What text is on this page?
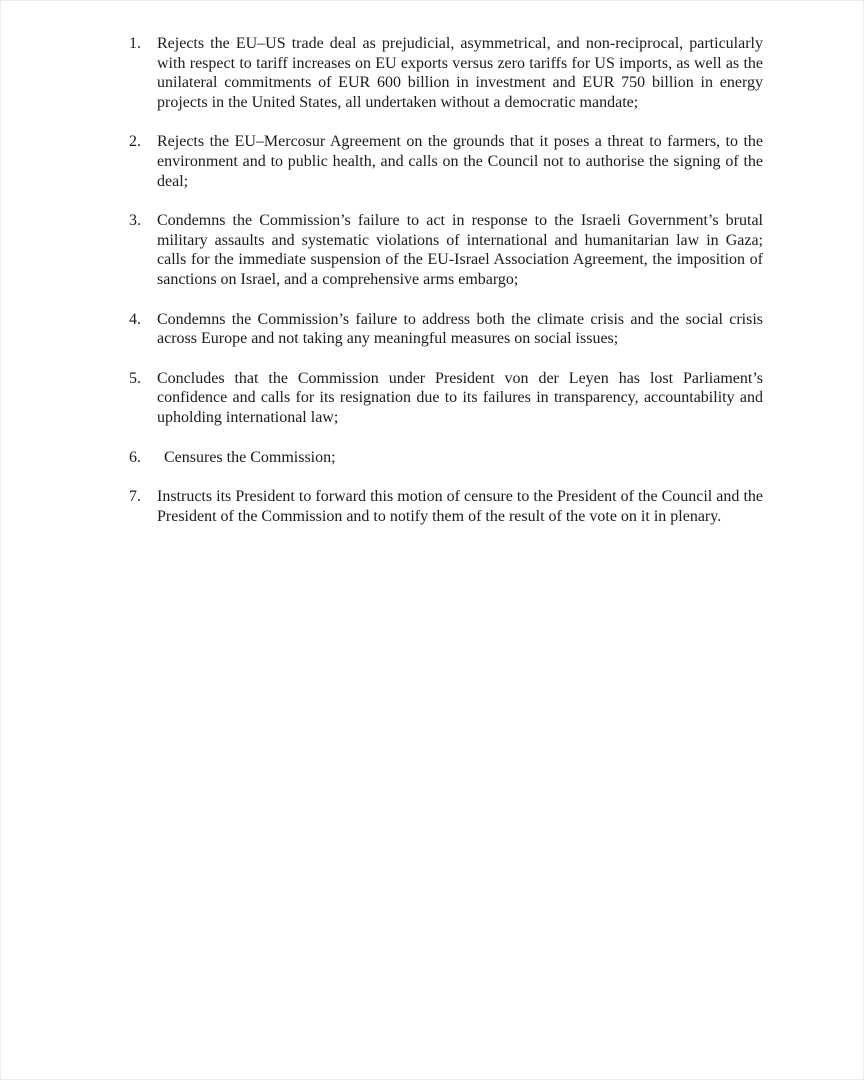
1.	Rejects the EU–US trade deal as prejudicial, asymmetrical, and non-reciprocal, particularly with respect to tariff increases on EU exports versus zero tariffs for US imports, as well as the unilateral commitments of EUR 600 billion in investment and EUR 750 billion in energy projects in the United States, all undertaken without a democratic mandate;
2.	Rejects the EU–Mercosur Agreement on the grounds that it poses a threat to farmers, to the environment and to public health, and calls on the Council not to authorise the signing of the deal;
3.	Condemns the Commission’s failure to act in response to the Israeli Government’s brutal military assaults and systematic violations of international and humanitarian law in Gaza; calls for the immediate suspension of the EU-Israel Association Agreement, the imposition of sanctions on Israel, and a comprehensive arms embargo;
4.	Condemns the Commission’s failure to address both the climate crisis and the social crisis across Europe and not taking any meaningful measures on social issues;
5.	Concludes that the Commission under President von der Leyen has lost Parliament’s confidence and calls for its resignation due to its failures in transparency, accountability and upholding international law;
6.	Censures the Commission;
7.	Instructs its President to forward this motion of censure to the President of the Council and the President of the Commission and to notify them of the result of the vote on it in plenary.
